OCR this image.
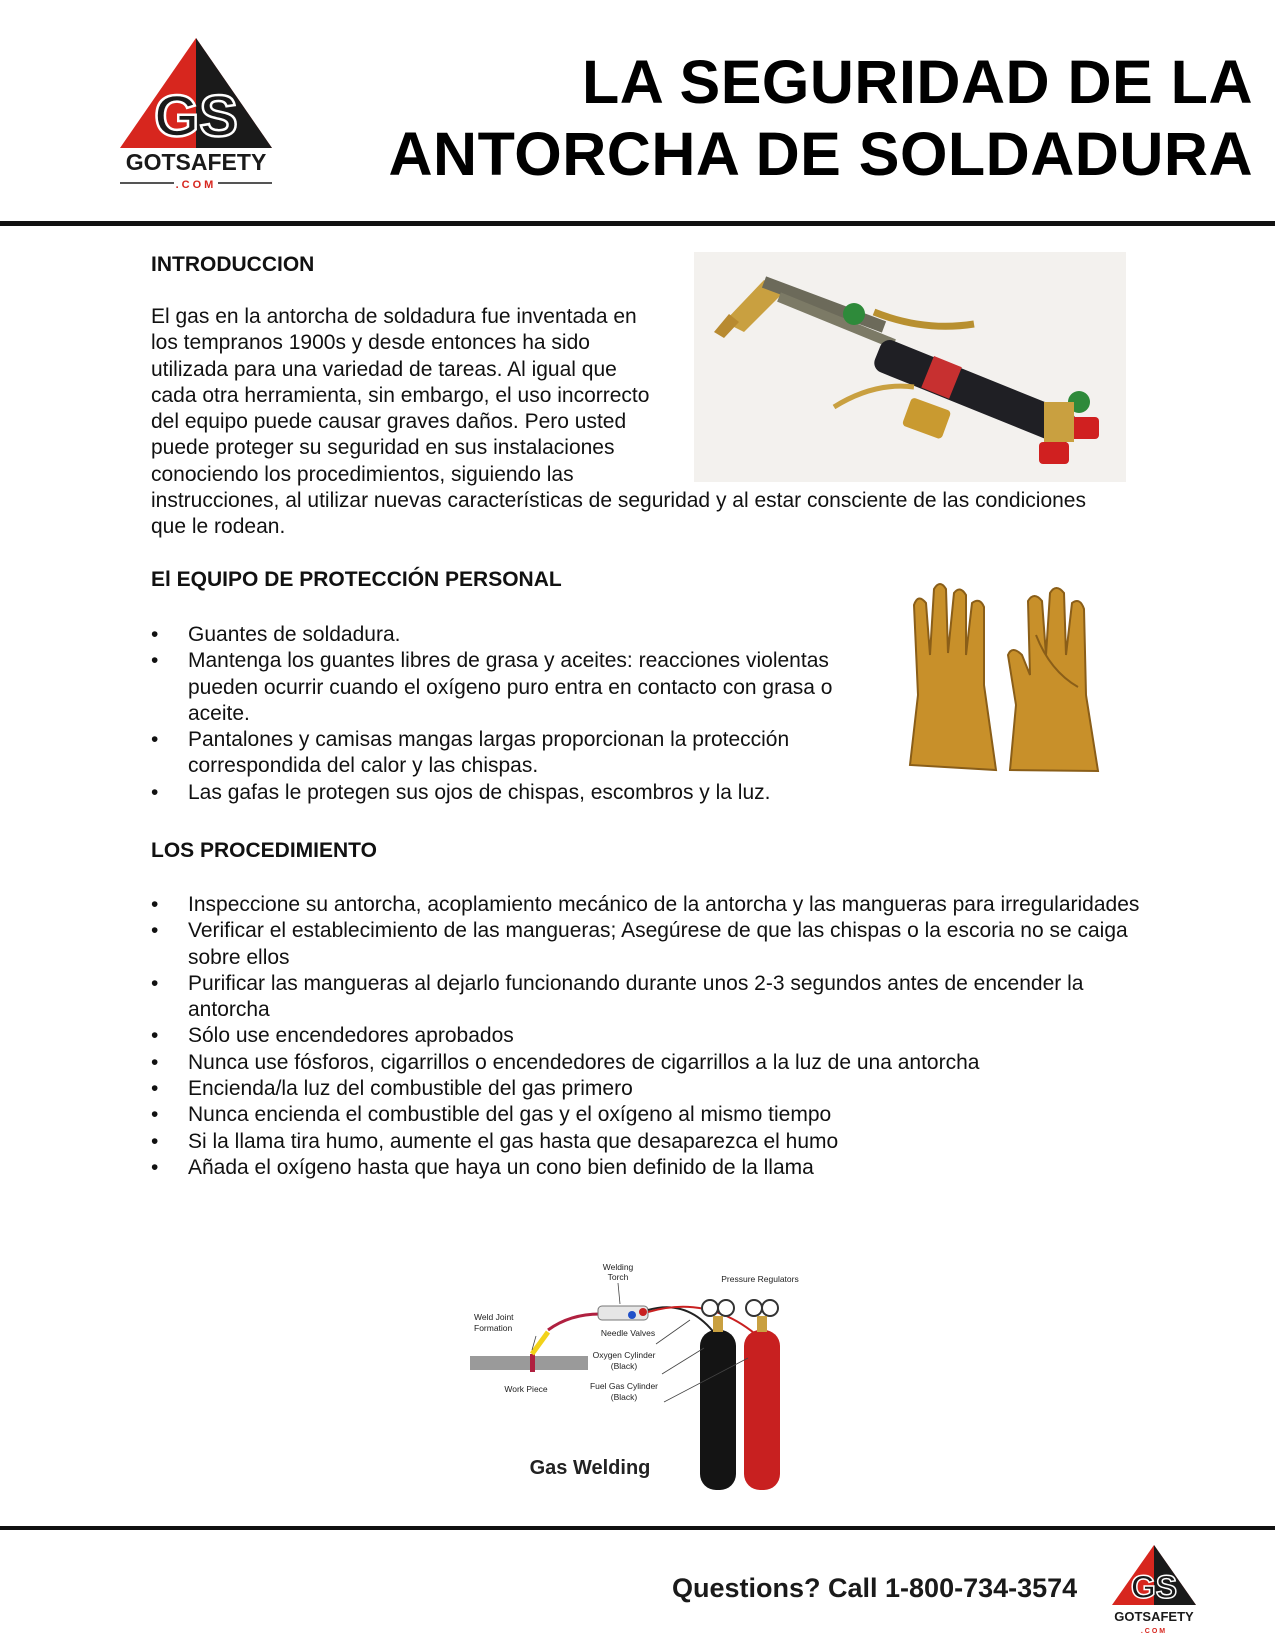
GS
GOTSAFETY
.COM
LA SEGURIDAD DE LA
ANTORCHA DE SOLDADURA
INTRODUCCION
El gas en la antorcha de soldadura fue inventada en los tempranos 1900s y desde entonces ha sido utilizada para una variedad de tareas. Al igual que cada otra herramienta, sin embargo, el uso incorrecto del equipo puede causar graves daños. Pero usted puede proteger su seguridad en sus instalaciones conociendo los procedimientos, siguiendo las instrucciones, al utilizar nuevas características de seguridad y al estar consciente de las condiciones que le rodean.
El EQUIPO DE PROTECCIÓN PERSONAL
• Guantes de soldadura.
• Mantenga los guantes libres de grasa y aceites: reacciones violentas pueden ocurrir cuando el oxígeno puro entra en contacto con grasa o aceite.
• Pantalones y camisas mangas largas proporcionan la protección correspondida del calor y las chispas.
• Las gafas le protegen sus ojos de chispas, escombros y la luz.
LOS PROCEDIMIENTO
• Inspeccione su antorcha, acoplamiento mecánico de la antorcha y las mangueras para irregularidades
• Verificar el establecimiento de las mangueras; Asegúrese de que las chispas o la escoria no se caiga sobre ellos
• Purificar las mangueras al dejarlo funcionando durante unos 2-3 segundos antes de encender la antorcha
• Sólo use encendedores aprobados
• Nunca use fósforos, cigarrillos o encendedores de cigarrillos a la luz de una antorcha
• Encienda/la luz del combustible del gas primero
• Nunca encienda el combustible del gas y el oxígeno al mismo tiempo
• Si la llama tira humo, aumente el gas hasta que desaparezca el humo
• Añada el oxígeno hasta que haya un cono bien definido de la llama
Welding
Torch	Pressure Regulators
Weld Joint
Formation	Needle Valves
Oxygen Cylinder
(Black)
Fuel Gas Cylinder
(Black)
Work Piece
Gas Welding
Questions? Call 1-800-734-3574 GS
GOTSAFETY
.COM
